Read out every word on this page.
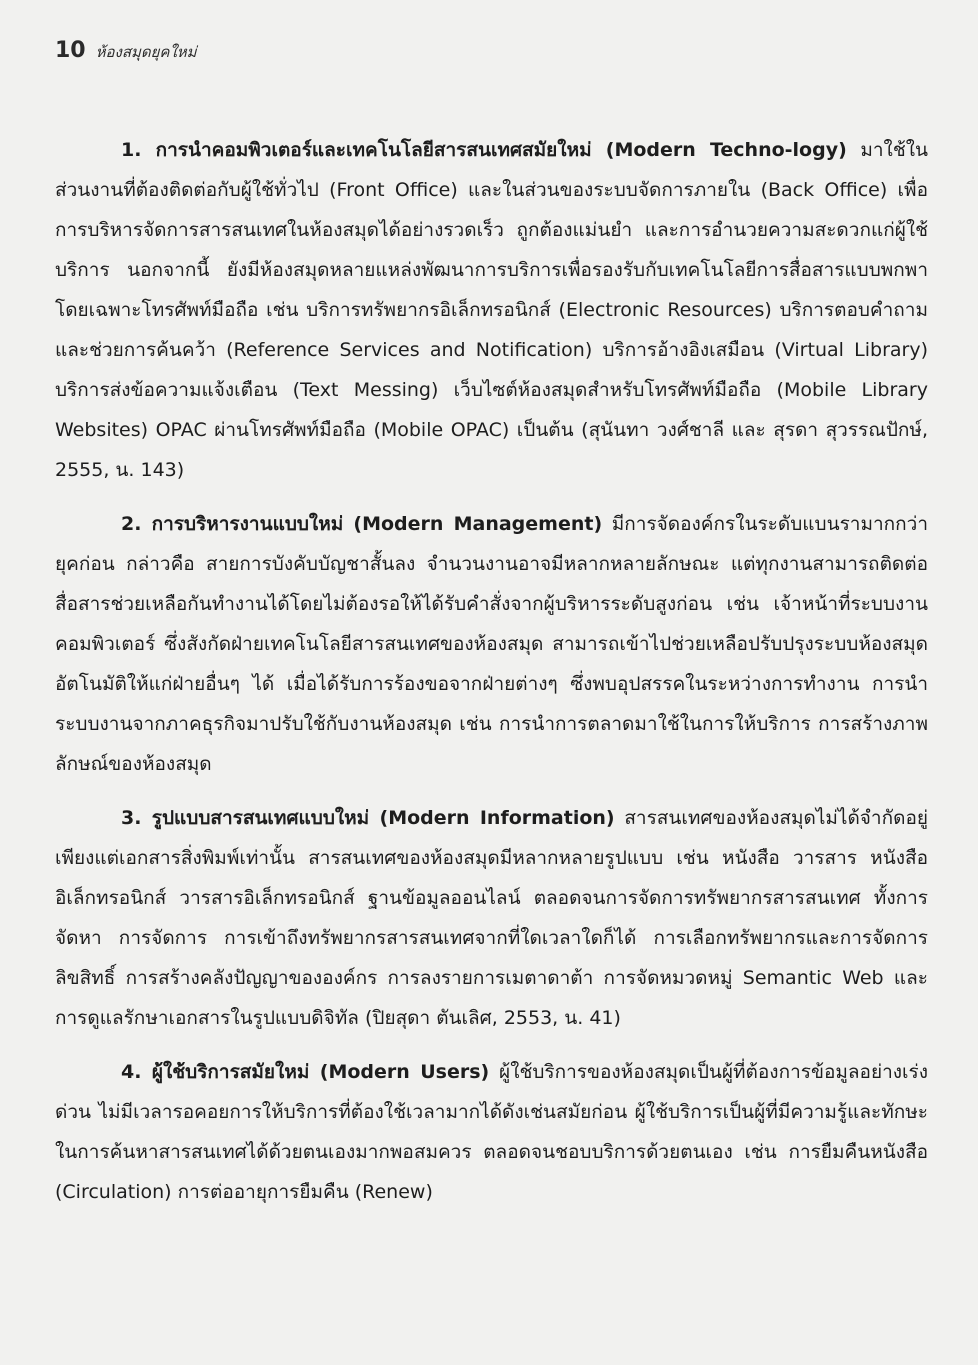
10 ห้องสมุดยุคใหม่

1. การนำคอมพิวเตอร์และเทคโนโลยีสารสนเทศสมัยใหม่ (Modern Techno-logy) มาใช้ในส่วนงานที่ต้องติดต่อกับผู้ใช้ทั่วไป (Front Office) และในส่วนของระบบจัดการภายใน (Back Office) เพื่อการบริหารจัดการสารสนเทศในห้องสมุดได้อย่างรวดเร็ว ถูกต้องแม่นยำ และการอำนวยความสะดวกแก่ผู้ใช้บริการ นอกจากนี้ ยังมีห้องสมุดหลายแหล่งพัฒนาการบริการเพื่อรองรับกับเทคโนโลยีการสื่อสารแบบพกพาโดยเฉพาะโทรศัพท์มือถือ เช่น บริการทรัพยากรอิเล็กทรอนิกส์ (Electronic Resources) บริการตอบคำถามและช่วยการค้นคว้า (Reference Services and Notification) บริการอ้างอิงเสมือน (Virtual Library) บริการส่งข้อความแจ้งเตือน (Text Messing) เว็บไซต์ห้องสมุดสำหรับโทรศัพท์มือถือ (Mobile Library Websites) OPAC ผ่านโทรศัพท์มือถือ (Mobile OPAC) เป็นต้น (สุนันทา วงศ์ชาลี และ สุรดา สุวรรณปักษ์, 2555, น. 143)

2. การบริหารงานแบบใหม่ (Modern Management) มีการจัดองค์กรในระดับแบนรามากกว่ายุคก่อน กล่าวคือ สายการบังคับบัญชาสั้นลง จำนวนงานอาจมีหลากหลายลักษณะ แต่ทุกงานสามารถติดต่อสื่อสารช่วยเหลือกันทำงานได้โดยไม่ต้องรอให้ได้รับคำสั่งจากผู้บริหารระดับสูงก่อน เช่น เจ้าหน้าที่ระบบงานคอมพิวเตอร์ ซึ่งสังกัดฝ่ายเทคโนโลยีสารสนเทศของห้องสมุด สามารถเข้าไปช่วยเหลือปรับปรุงระบบห้องสมุดอัตโนมัติให้แก่ฝ่ายอื่นๆ ได้ เมื่อได้รับการร้องขอจากฝ่ายต่างๆ ซึ่งพบอุปสรรคในระหว่างการทำงาน การนำระบบงานจากภาคธุรกิจมาปรับใช้กับงานห้องสมุด เช่น การนำการตลาดมาใช้ในการให้บริการ การสร้างภาพลักษณ์ของห้องสมุด

3. รูปแบบสารสนเทศแบบใหม่ (Modern Information) สารสนเทศของห้องสมุดไม่ได้จำกัดอยู่เพียงแต่เอกสารสิ่งพิมพ์เท่านั้น สารสนเทศของห้องสมุดมีหลากหลายรูปแบบ เช่น หนังสือ วารสาร หนังสืออิเล็กทรอนิกส์ วารสารอิเล็กทรอนิกส์ ฐานข้อมูลออนไลน์ ตลอดจนการจัดการทรัพยากรสารสนเทศ ทั้งการจัดหา การจัดการ การเข้าถึงทรัพยากรสารสนเทศจากที่ใดเวลาใดก็ได้ การเลือกทรัพยากรและการจัดการลิขสิทธิ์ การสร้างคลังปัญญาขององค์กร การลงรายการเมตาดาต้า การจัดหมวดหมู่ Semantic Web และการดูแลรักษาเอกสารในรูปแบบดิจิทัล (ปิยสุดา ตันเลิศ, 2553, น. 41)

4. ผู้ใช้บริการสมัยใหม่ (Modern Users) ผู้ใช้บริการของห้องสมุดเป็นผู้ที่ต้องการข้อมูลอย่างเร่งด่วน ไม่มีเวลารอคอยการให้บริการที่ต้องใช้เวลามากได้ดังเช่นสมัยก่อน ผู้ใช้บริการเป็นผู้ที่มีความรู้และทักษะในการค้นหาสารสนเทศได้ด้วยตนเองมากพอสมควร ตลอดจนชอบบริการด้วยตนเอง เช่น การยืมคืนหนังสือ (Circulation) การต่ออายุการยืมคืน (Renew)
